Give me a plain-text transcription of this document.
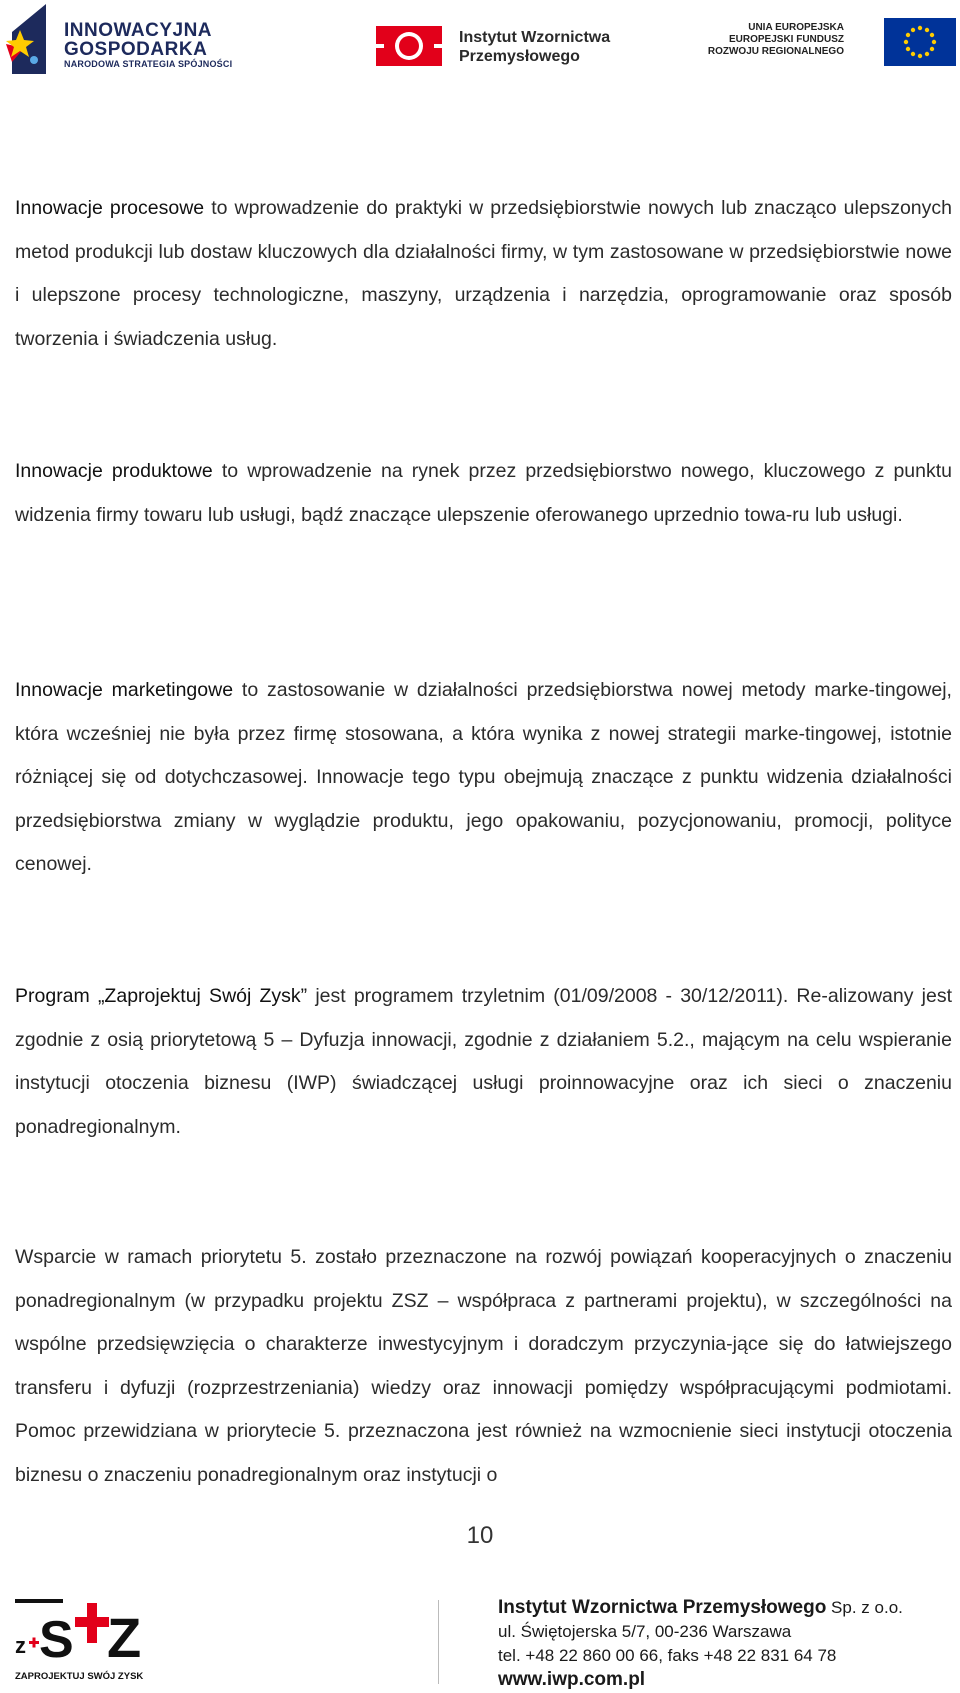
INNOWACYJNA
GOSPODARKA
NARODOWA STRATEGIA SPÓJNOŚCI
Instytut Wzornictwa
Przemysłowego
UNIA EUROPEJSKA
EUROPEJSKI FUNDUSZ
ROZWOJU REGIONALNEGO
Innowacje procesowe to wprowadzenie do praktyki w przedsiębiorstwie nowych lub znacząco ulepszonych metod produkcji lub dostaw kluczowych dla działalności firmy, w tym zastosowane w przedsiębiorstwie nowe i ulepszone procesy technologiczne, maszyny, urządzenia i narzędzia, oprogramowanie oraz sposób tworzenia i świadczenia usług.
Innowacje produktowe to wprowadzenie na rynek przez przedsiębiorstwo nowego, kluczowego z punktu widzenia firmy towaru lub usługi, bądź znaczące ulepszenie oferowanego uprzednio towa-ru lub usługi.
Innowacje marketingowe to zastosowanie w działalności przedsiębiorstwa nowej metody marke-tingowej, która wcześniej nie była przez firmę stosowana, a która wynika z nowej strategii marke-tingowej, istotnie różniącej się od dotychczasowej. Innowacje tego typu obejmują znaczące z punktu widzenia działalności przedsiębiorstwa zmiany w wyglądzie produktu, jego opakowaniu, pozycjonowaniu, promocji, polityce cenowej.
Program „Zaprojektuj Swój Zysk” jest programem trzyletnim (01/09/2008 - 30/12/2011). Re-alizowany jest zgodnie z osią priorytetową 5 – Dyfuzja innowacji, zgodnie z działaniem 5.2., mającym na celu wspieranie instytucji otoczenia biznesu (IWP) świadczącej usługi proinnowacyjne oraz ich sieci o znaczeniu ponadregionalnym.
Wsparcie w ramach priorytetu 5. zostało przeznaczone na rozwój powiązań kooperacyjnych o znaczeniu ponadregionalnym (w przypadku projektu ZSZ – współpraca z partnerami projektu), w szczególności na wspólne przedsięwzięcia o charakterze inwestycyjnym i doradczym przyczynia-jące się do łatwiejszego transferu i dyfuzji (rozprzestrzeniania) wiedzy oraz innowacji pomiędzy współpracującymi podmiotami. Pomoc przewidziana w priorytecie 5. przeznaczona jest również na wzmocnienie sieci instytucji otoczenia biznesu o znaczeniu ponadregionalnym oraz instytucji o
10
z S Z
ZAPROJEKTUJ SWÓJ ZYSK
Instytut Wzornictwa Przemysłowego Sp. z o.o.
ul. Świętojerska 5/7, 00-236 Warszawa
tel. +48 22 860 00 66, faks +48 22 831 64 78
www.iwp.com.pl
